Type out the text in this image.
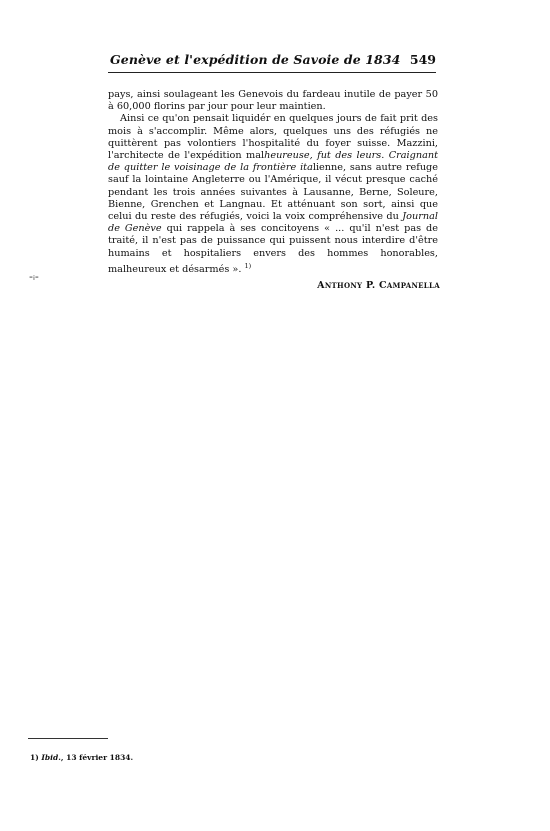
Genève et l'expédition de Savoie de 1834 549

pays, ainsi soulageant les Genevois du fardeau inutile de payer 50 à 60,000 florins par jour pour leur maintien.

Ainsi ce qu'on pensait liquidér en quelques jours de fait prit des mois à s'accomplir. Même alors, quelques uns des réfugiés ne quittèrent pas volontiers l'hospitalité du foyer suisse. Mazzini, l'architecte de l'expédition malheureuse, fut des leurs. Craignant de quitter le voisinage de la frontière italienne, sans autre refuge sauf la lointaine Angleterre ou l'Amérique, il vécut presque caché pendant les trois années suivantes à Lausanne, Berne, Soleure, Bienne, Grenchen et Langnau. Et atténuant son sort, ainsi que celui du reste des réfugiés, voici la voix compréhensive du Journal de Genève qui rappela à ses concitoyens « ... qu'il n'est pas de traité, il n'est pas de puissance qui puissent nous interdire d'être humains et hospitaliers envers des hommes honorables, malheureux et désarmés ». $^{1)}$

-ᵢ-
Anthony P. Campanella
1) Ibid., 13 février 1834.
